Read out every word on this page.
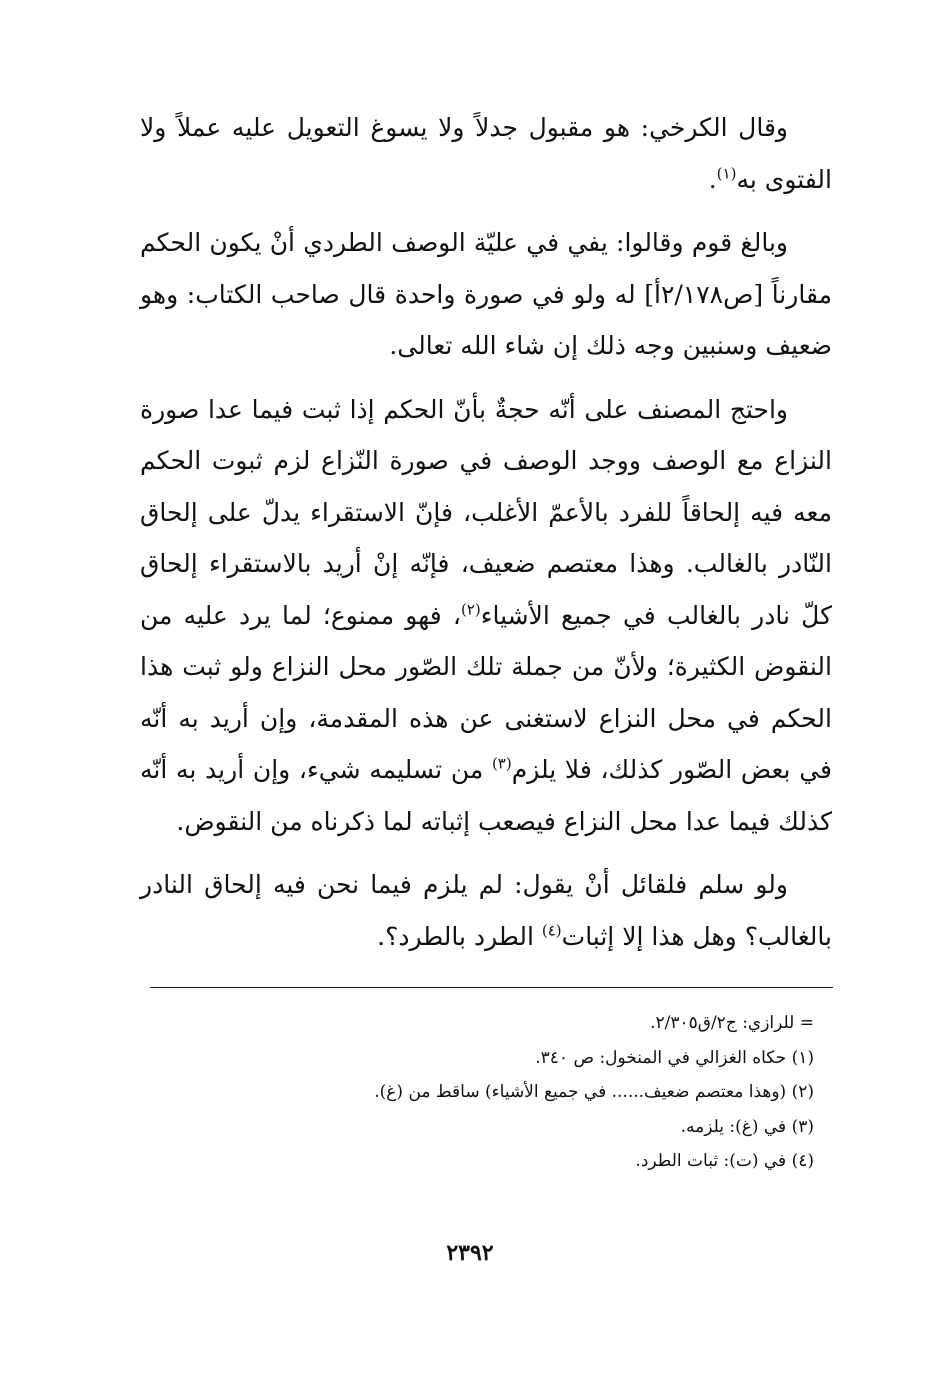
وقال الكرخي: هو مقبول جدلاً ولا يسوغ التعويل عليه عملاً ولا الفتوى به$^{(١)}$.

وبالغ قوم وقالوا: يفي في عليّة الوصف الطردي أنْ يكون الحكم مقارناً [ص٢/١٧٨أ] له ولو في صورة واحدة قال صاحب الكتاب: وهو ضعيف وسنبين وجه ذلك إن شاء الله تعالى.

واحتج المصنف على أنّه حجةٌ بأنّ الحكم إذا ثبت فيما عدا صورة النزاع مع الوصف ووجد الوصف في صورة النّزاع لزم ثبوت الحكم معه فيه إلحاقاً للفرد بالأعمّ الأغلب، فإنّ الاستقراء يدلّ على إلحاق النّادر بالغالب. وهذا معتصم ضعيف، فإنّه إنْ أريد بالاستقراء إلحاق كلّ نادر بالغالب في جميع الأشياء$^{(٢)}$، فهو ممنوع؛ لما يرد عليه من النقوض الكثيرة؛ ولأنّ من جملة تلك الصّور محل النزاع ولو ثبت هذا الحكم في محل النزاع لاستغنى عن هذه المقدمة، وإن أريد به أنّه في بعض الصّور كذلك، فلا يلزم$^{(٣)}$ من تسليمه شيء، وإن أريد به أنّه كذلك فيما عدا محل النزاع فيصعب إثباته لما ذكرناه من النقوض.

ولو سلم فلقائل أنْ يقول: لم يلزم فيما نحن فيه إلحاق النادر بالغالب؟ وهل هذا إلا إثبات$^{(٤)}$ الطرد بالطرد؟.

= للرازي: ج٢/ق٢/٣٠٥.
(١) حكاه الغزالي في المنخول: ص ٣٤٠.
(٢) (وهذا معتصم ضعيف...... في جميع الأشياء) ساقط من (غ).
(٣) في (غ): يلزمه.
(٤) في (ت): ثبات الطرد.
٢٣٩٢
